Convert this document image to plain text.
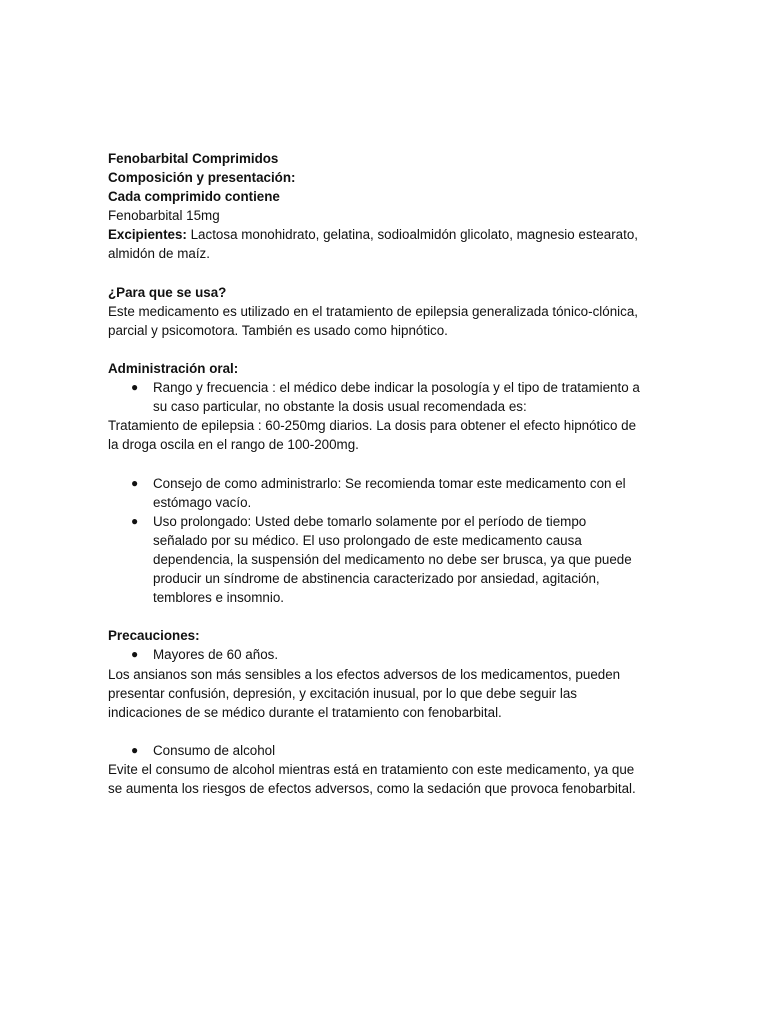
Fenobarbital Comprimidos

Composición y presentación:

Cada comprimido contiene

Fenobarbital 15mg

Excipientes: Lactosa monohidrato, gelatina, sodioalmidón glicolato, magnesio estearato,

almidón de maíz.

¿Para que se usa?

Este medicamento es utilizado en el tratamiento de epilepsia generalizada tónico-clónica,

parcial y psicomotora. También es usado como hipnótico.

Administración oral:

● Rango y frecuencia : el médico debe indicar la posología y el tipo de tratamiento a

su caso particular, no obstante la dosis usual recomendada es:

Tratamiento de epilepsia : 60-250mg diarios. La dosis para obtener el efecto hipnótico de

la droga oscila en el rango de 100-200mg.

● Consejo de como administrarlo: Se recomienda tomar este medicamento con el

estómago vacío.

● Uso prolongado: Usted debe tomarlo solamente por el período de tiempo

señalado por su médico. El uso prolongado de este medicamento causa

dependencia, la suspensión del medicamento no debe ser brusca, ya que puede

producir un síndrome de abstinencia caracterizado por ansiedad, agitación,

temblores e insomnio.

Precauciones:

● Mayores de 60 años.

Los ansianos son más sensibles a los efectos adversos de los medicamentos, pueden

presentar confusión, depresión, y excitación inusual, por lo que debe seguir las

indicaciones de se médico durante el tratamiento con fenobarbital.

● Consumo de alcohol

Evite el consumo de alcohol mientras está en tratamiento con este medicamento, ya que

se aumenta los riesgos de efectos adversos, como la sedación que provoca fenobarbital.
